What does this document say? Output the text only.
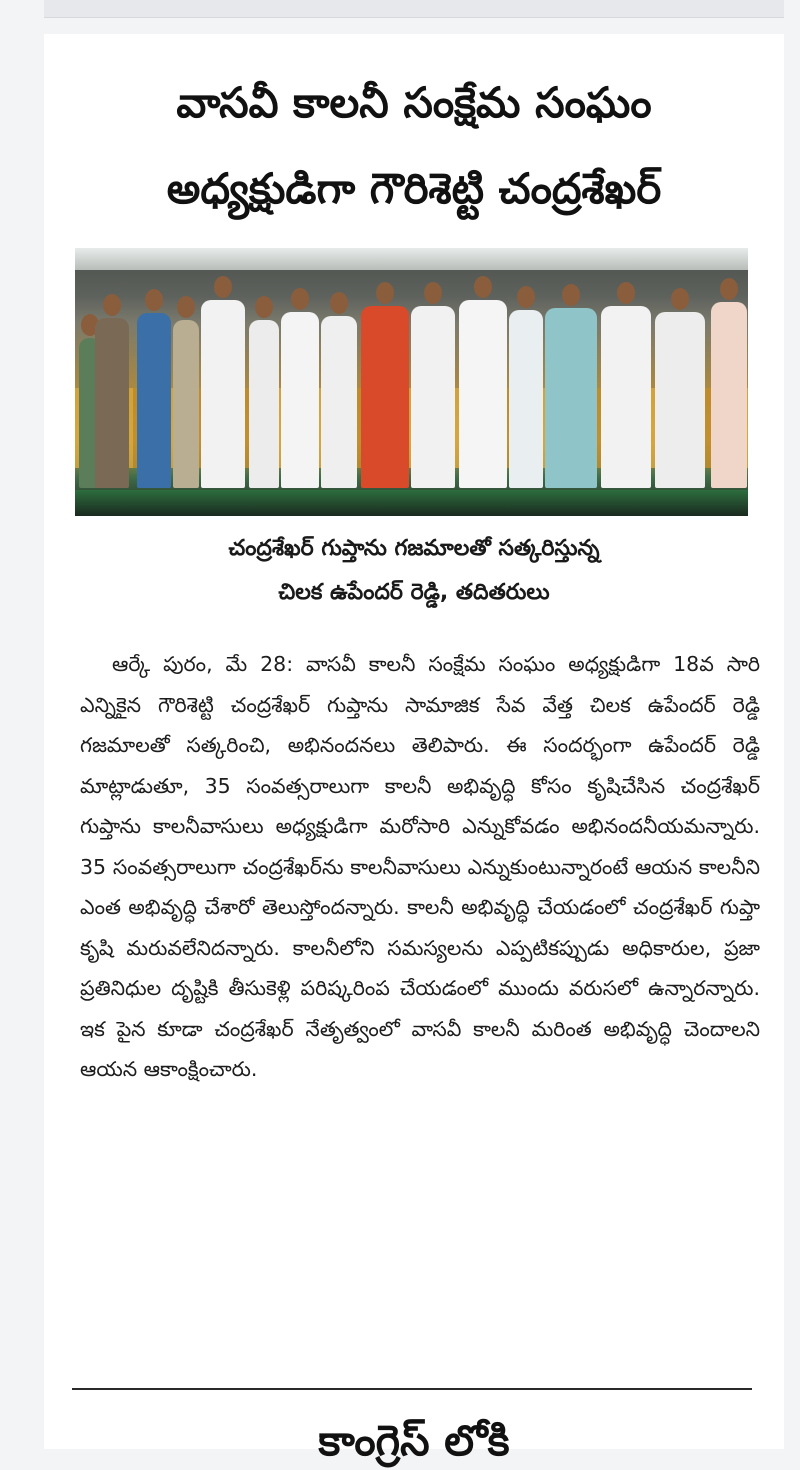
వాసవీ కాలనీ సంక్షేమ సంఘం
అధ్యక్షుడిగా గౌరిశెట్టి చంద్రశేఖర్
చంద్రశేఖర్ గుప్తాను గజమాలతో సత్కరిస్తున్న
చిలక ఉపేందర్ రెడ్డి, తదితరులు
ఆర్కే పురం, మే 28: వాసవీ కాలనీ సంక్షేమ సంఘం అధ్యక్షుడిగా 18వ సారి ఎన్నికైన గౌరిశెట్టి చంద్రశేఖర్ గుప్తాను సామాజిక సేవ వేత్త చిలక ఉపేందర్ రెడ్డి గజమాలతో సత్కరించి, అభినందనలు తెలిపారు. ఈ సందర్భంగా ఉపేందర్ రెడ్డి మాట్లాడుతూ, 35 సంవత్సరాలుగా కాలనీ అభివృద్ధి కోసం కృషిచేసిన చంద్రశేఖర్ గుప్తాను కాలనీవాసులు అధ్యక్షుడిగా మరోసారి ఎన్నుకోవడం అభినందనీయమన్నారు. 35 సంవత్సరాలుగా చంద్రశేఖర్‌ను కాలనీవాసులు ఎన్నుకుంటున్నారంటే ఆయన కాలనీని ఎంత అభివృద్ధి చేశారో తెలుస్తోందన్నారు. కాలనీ అభివృద్ధి చేయడంలో చంద్రశేఖర్ గుప్తా కృషి మరువలేనిదన్నారు. కాలనీలోని సమస్యలను ఎప్పటికప్పుడు అధికారుల, ప్రజా ప్రతినిధుల దృష్టికి తీసుకెళ్లి పరిష్కరింప చేయడంలో ముందు వరుసలో ఉన్నారన్నారు. ఇక పైన కూడా చంద్రశేఖర్ నేతృత్వంలో వాసవీ కాలనీ మరింత అభివృద్ధి చెందాలని ఆయన ఆకాంక్షించారు.
కాంగ్రెస్ లోకి
